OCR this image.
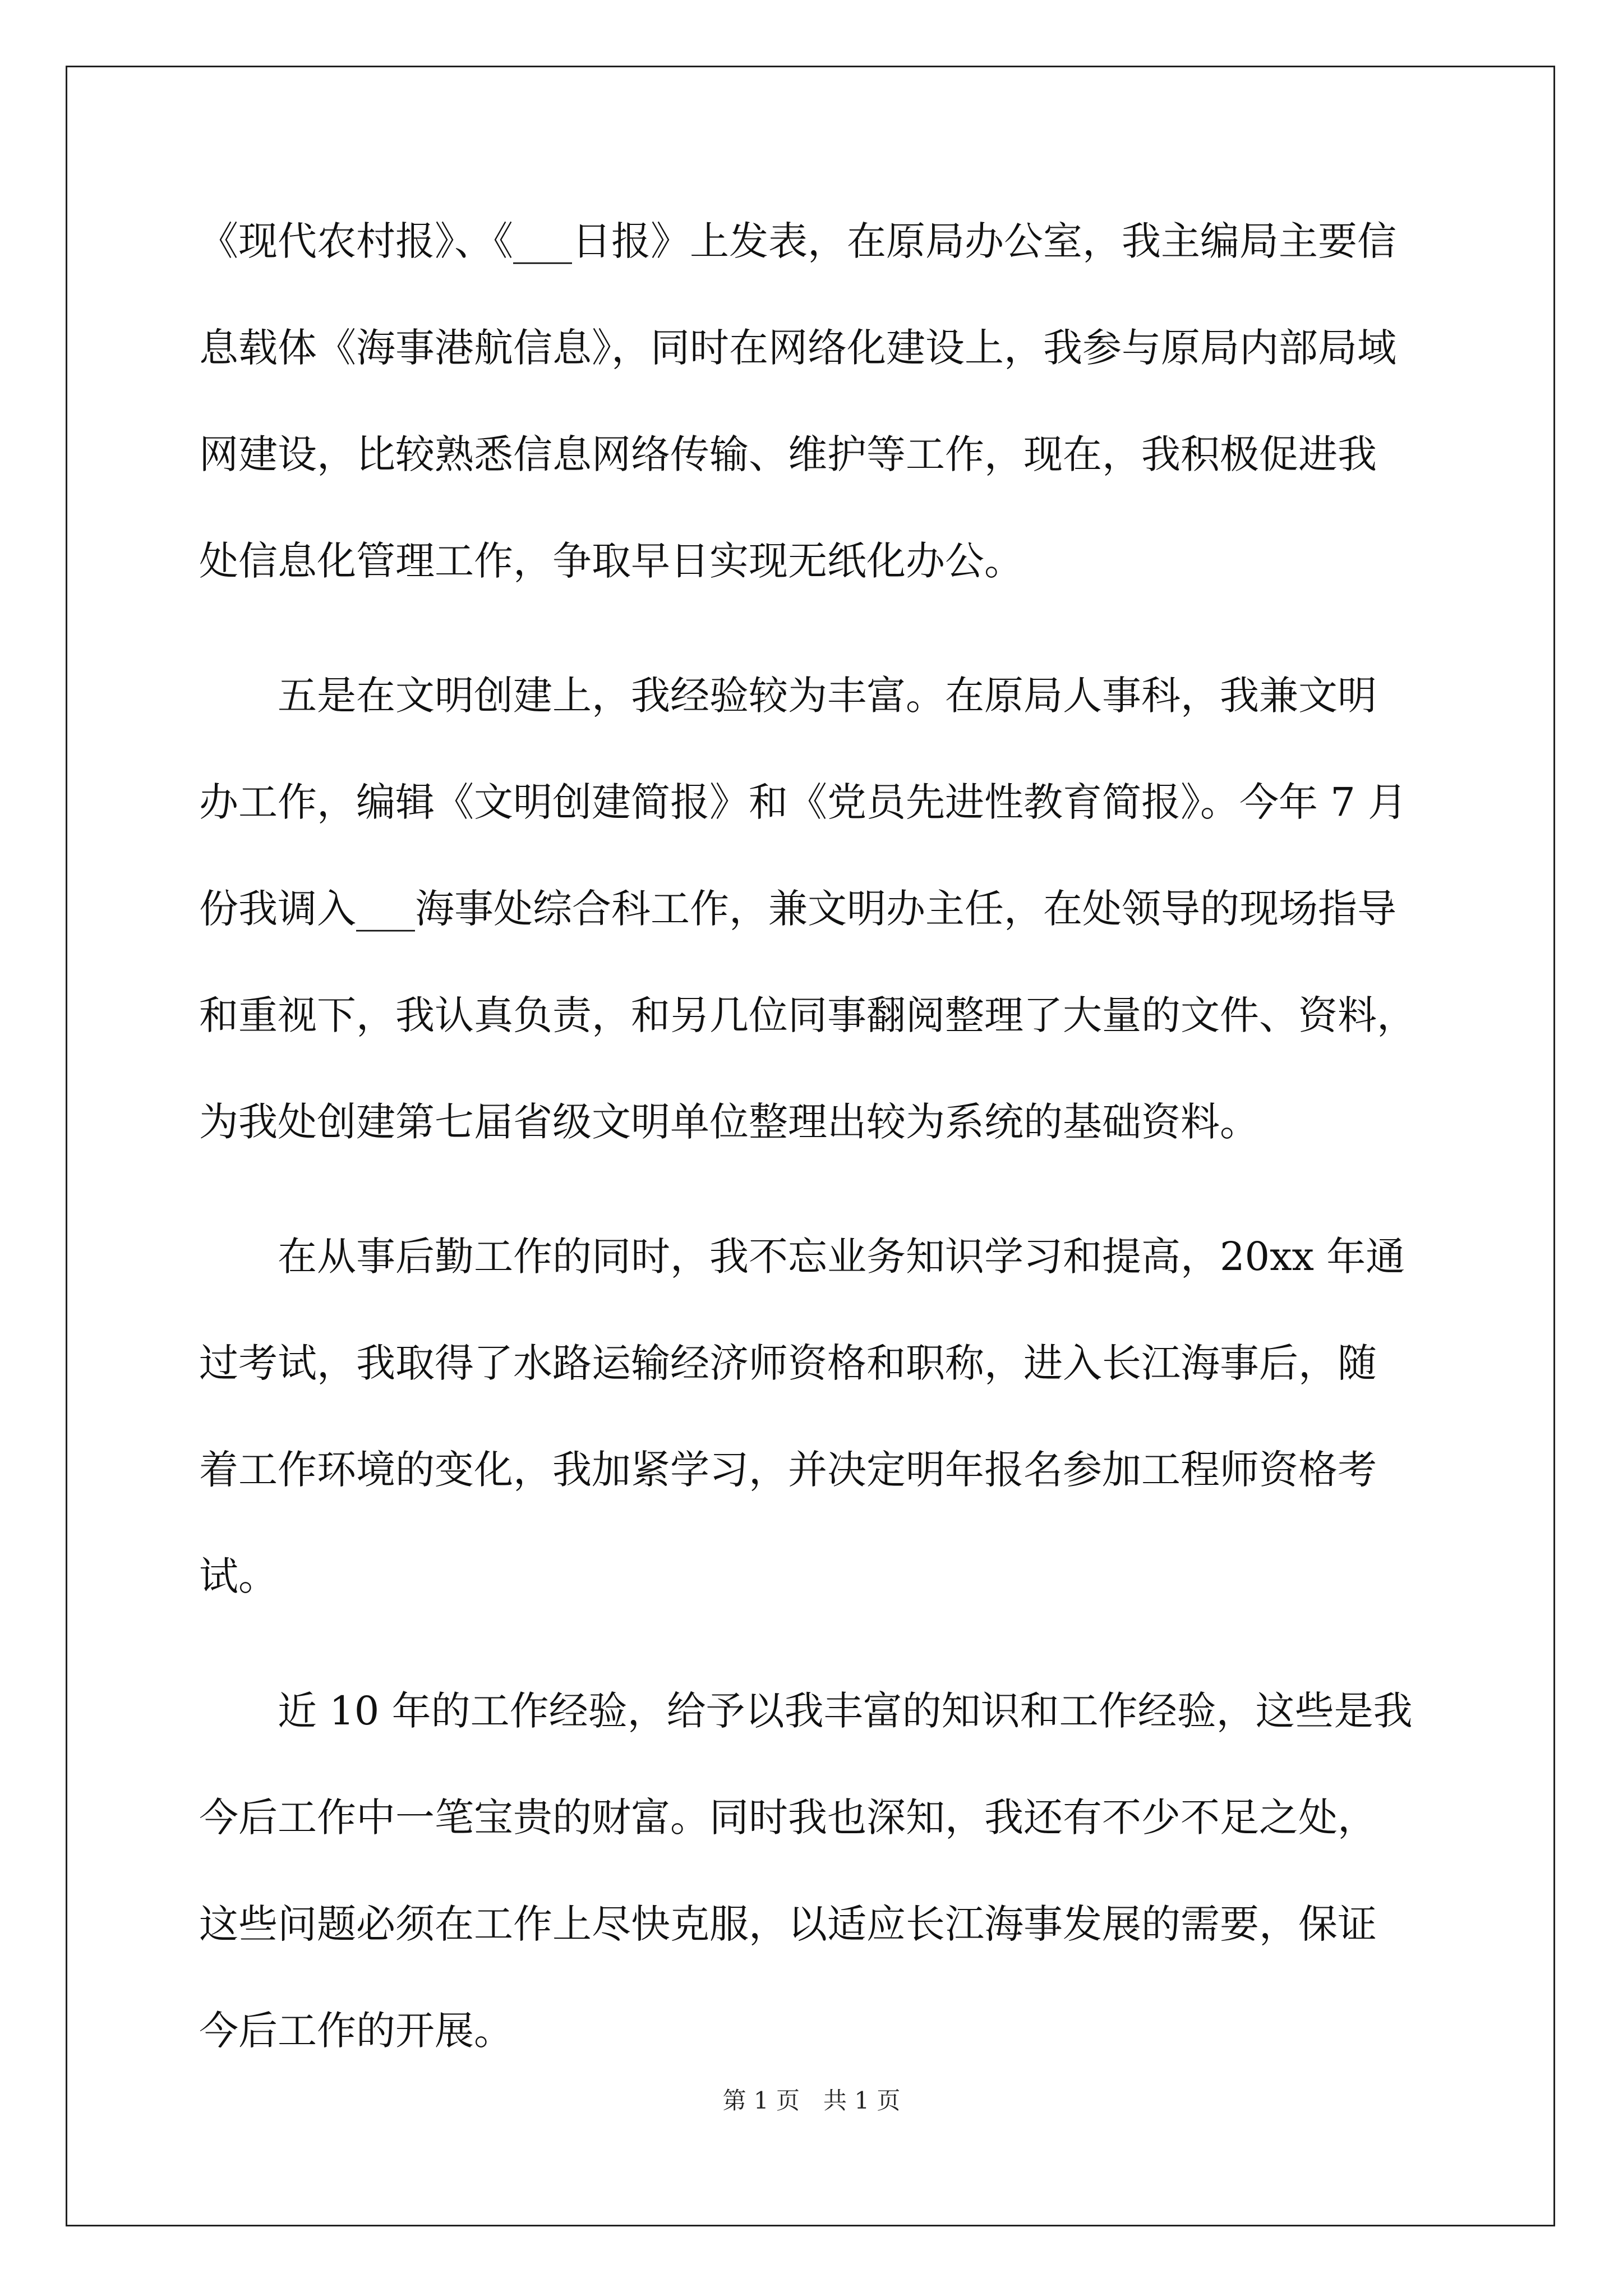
《现代农村报》、《___日报》上发表，在原局办公室，我主编局主要信
息载体《海事港航信息》，同时在网络化建设上，我参与原局内部局域
网建设，比较熟悉信息网络传输、维护等工作，现在，我积极促进我
处信息化管理工作，争取早日实现无纸化办公。
五是在文明创建上，我经验较为丰富。在原局人事科，我兼文明
办工作，编辑《文明创建简报》和《党员先进性教育简报》。今年 7 月
份我调入___海事处综合科工作，兼文明办主任，在处领导的现场指导
和重视下，我认真负责，和另几位同事翻阅整理了大量的文件、资料，
为我处创建第七届省级文明单位整理出较为系统的基础资料。
在从事后勤工作的同时，我不忘业务知识学习和提高，20xx 年通
过考试，我取得了水路运输经济师资格和职称，进入长江海事后，随
着工作环境的变化，我加紧学习，并决定明年报名参加工程师资格考
试。
近 10 年的工作经验，给予以我丰富的知识和工作经验，这些是我
今后工作中一笔宝贵的财富。同时我也深知，我还有不少不足之处，
这些问题必须在工作上尽快克服，以适应长江海事发展的需要，保证
今后工作的开展。
第 1 页　共 1 页
